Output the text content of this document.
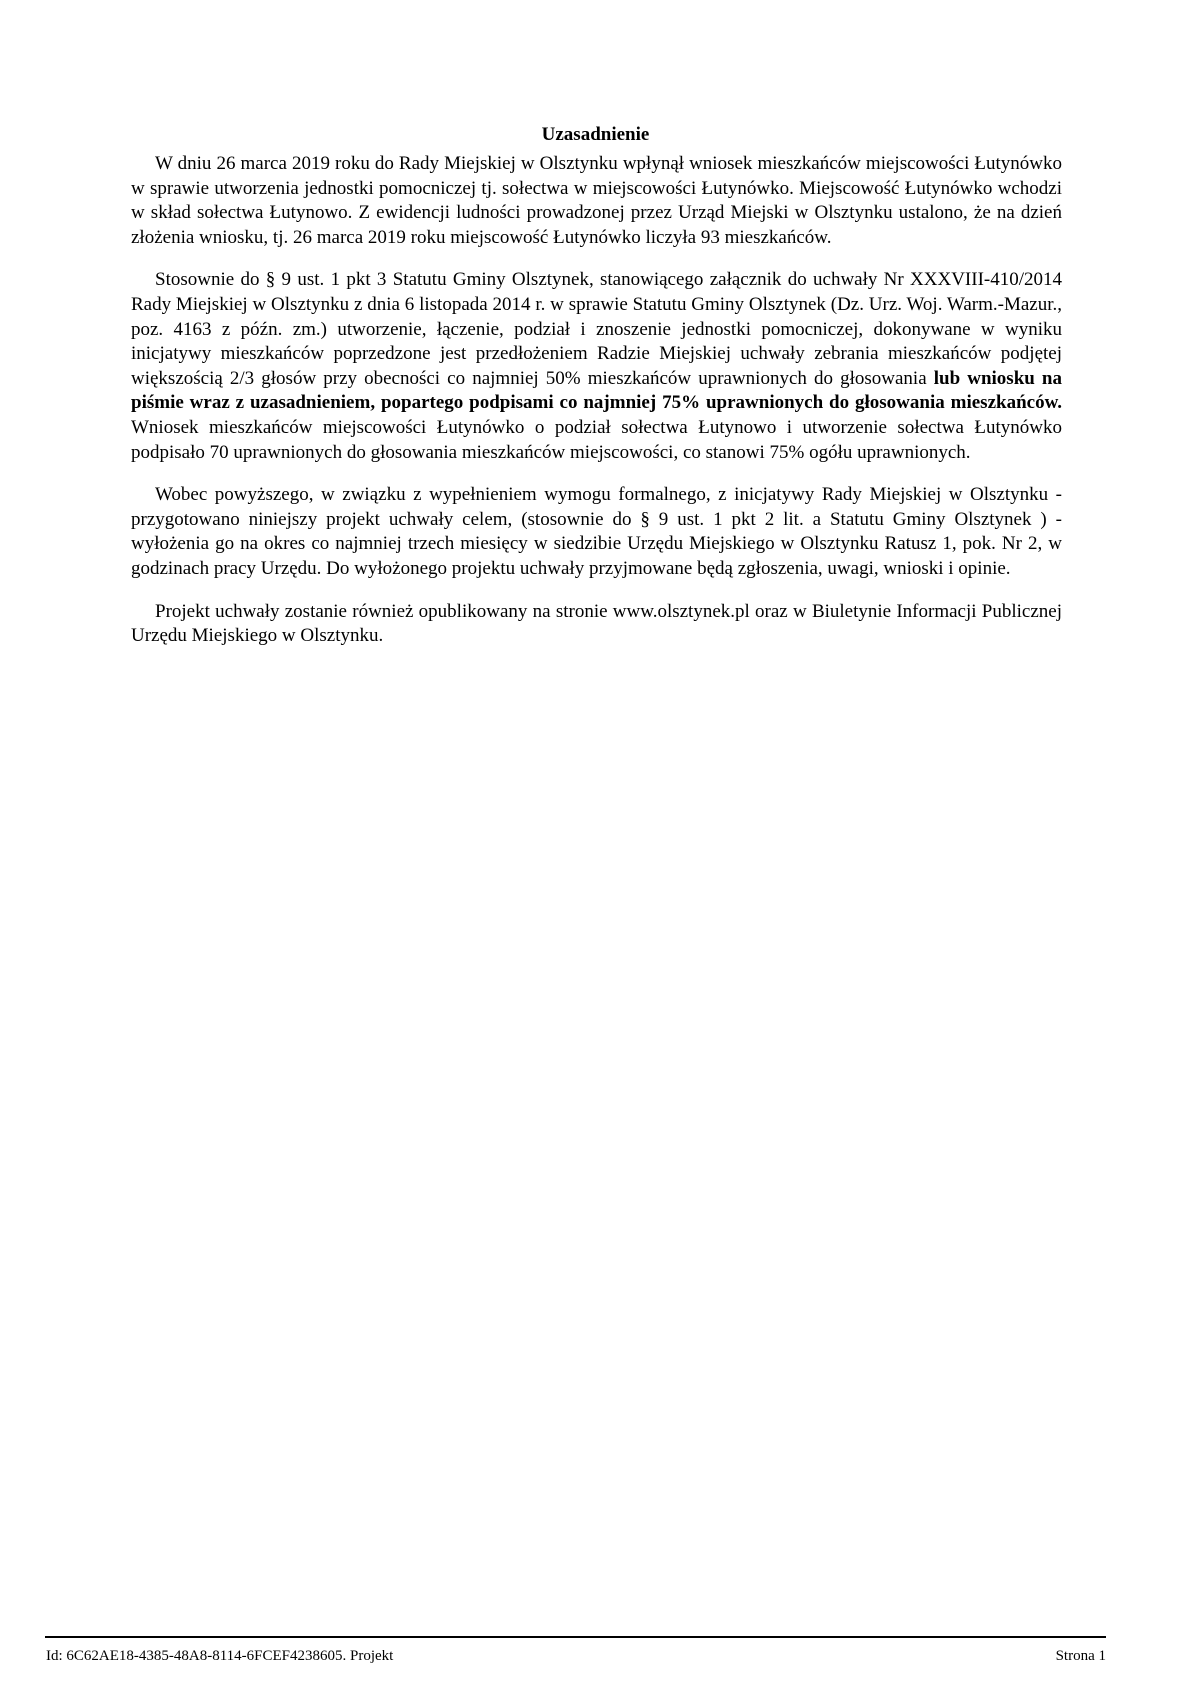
Uzasadnienie

W dniu 26 marca 2019 roku do Rady Miejskiej w Olsztynku wpłynął wniosek mieszkańców miejscowości Łutynówko w sprawie utworzenia jednostki pomocniczej tj. sołectwa w miejscowości Łutynówko. Miejscowość Łutynówko wchodzi w skład sołectwa Łutynowo. Z ewidencji ludności prowadzonej przez Urząd Miejski w Olsztynku ustalono, że na dzień złożenia wniosku, tj. 26 marca 2019 roku miejscowość Łutynówko liczyła 93 mieszkańców.

Stosownie do § 9 ust. 1 pkt 3 Statutu Gminy Olsztynek, stanowiącego załącznik do uchwały Nr XXXVIII-410/2014 Rady Miejskiej w Olsztynku z dnia 6 listopada 2014 r. w sprawie Statutu Gminy Olsztynek (Dz. Urz. Woj. Warm.-Mazur., poz. 4163 z późn. zm.) utworzenie, łączenie, podział i znoszenie jednostki pomocniczej, dokonywane w wyniku inicjatywy mieszkańców poprzedzone jest przedłożeniem Radzie Miejskiej uchwały zebrania mieszkańców podjętej większością 2/3 głosów przy obecności co najmniej 50% mieszkańców uprawnionych do głosowania lub wniosku na piśmie wraz z uzasadnieniem, popartego podpisami co najmniej 75% uprawnionych do głosowania mieszkańców. Wniosek mieszkańców miejscowości Łutynówko o podział sołectwa Łutynowo i utworzenie sołectwa Łutynówko podpisało 70 uprawnionych do głosowania mieszkańców miejscowości, co stanowi 75% ogółu uprawnionych.

Wobec powyższego, w związku z wypełnieniem wymogu formalnego, z inicjatywy Rady Miejskiej w Olsztynku - przygotowano niniejszy projekt uchwały celem, (stosownie do § 9 ust. 1 pkt 2 lit. a Statutu Gminy Olsztynek ) - wyłożenia go na okres co najmniej trzech miesięcy w siedzibie Urzędu Miejskiego w Olsztynku Ratusz 1, pok. Nr 2, w godzinach pracy Urzędu. Do wyłożonego projektu uchwały przyjmowane będą zgłoszenia, uwagi, wnioski i opinie.

Projekt uchwały zostanie również opublikowany na stronie www.olsztynek.pl oraz w Biuletynie Informacji Publicznej Urzędu Miejskiego w Olsztynku.

Id: 6C62AE18-4385-48A8-8114-6FCEF4238605. Projekt	Strona 1
